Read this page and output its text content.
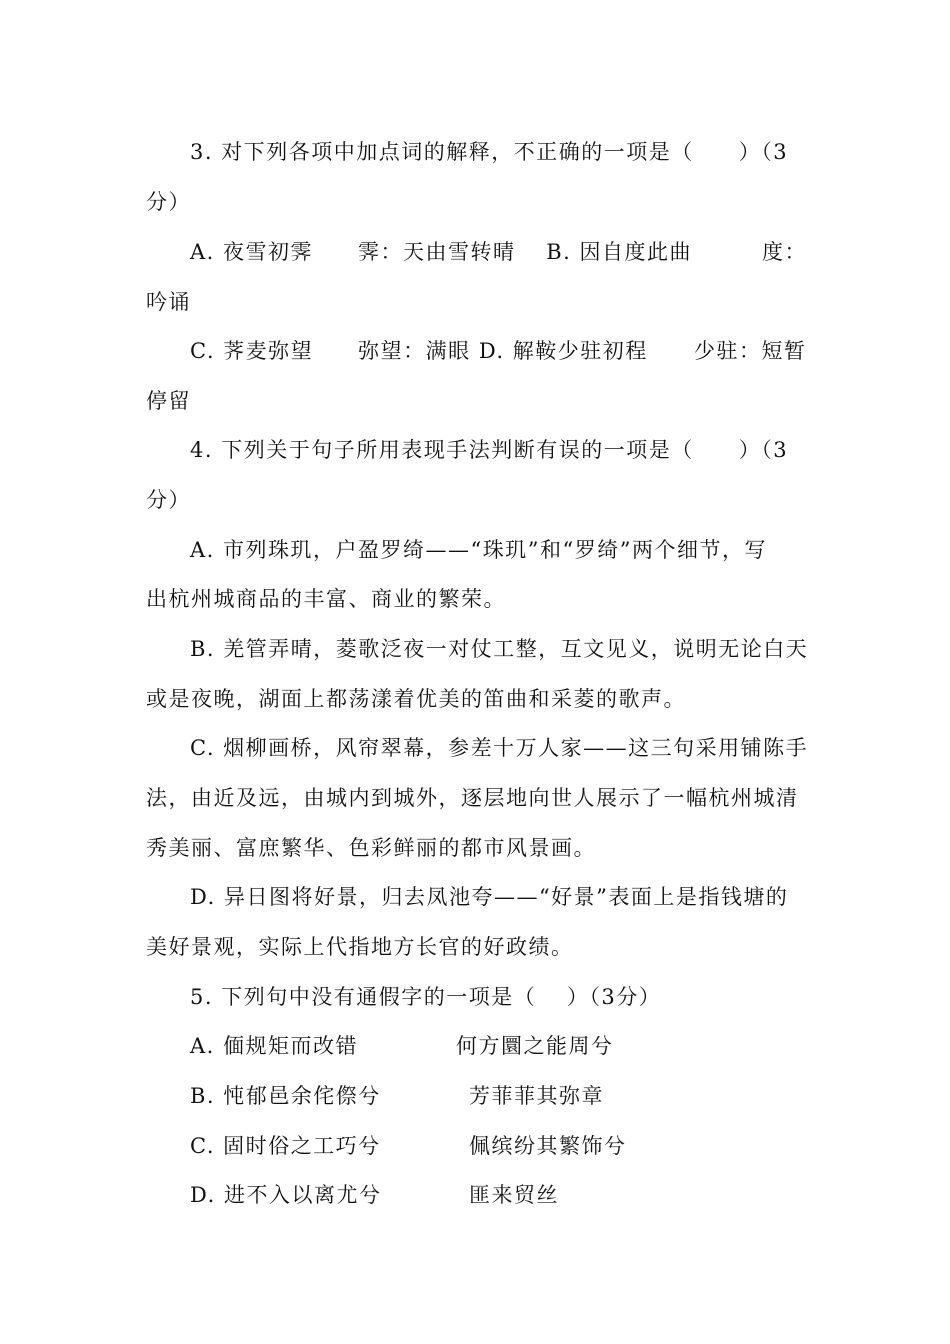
3. 对下列各项中加点词的解释，不正确的一项是（　　）（3
分）
A. 夜雪初霁　　霁：天由雪转晴　 B. 因自度此曲	度：
吟诵
C. 荠麦弥望　　弥望：满眼 D. 解鞍少驻初程 少驻：短暂
停留
4. 下列关于句子所用表现手法判断有误的一项是（　　）（3
分）
A. 市列珠玑，户盈罗绮——“珠玑”和“罗绮”两个细节，写
出杭州城商品的丰富、商业的繁荣。
B. 羌管弄晴，菱歌泛夜一对仗工整，互文见义，说明无论白天
或是夜晚，湖面上都荡漾着优美的笛曲和采菱的歌声。
C. 烟柳画桥，风帘翠幕，参差十万人家——这三句采用铺陈手
法，由近及远，由城内到城外，逐层地向世人展示了一幅杭州城清
秀美丽、富庶繁华、色彩鲜丽的都市风景画。
D. 异日图将好景，归去凤池夸——“好景”表面上是指钱塘的
美好景观，实际上代指地方长官的好政绩。
5. 下列句中没有通假字的一项是（　 ）（3分）
A. 偭规矩而改错	何方圜之能周兮
B. 忳郁邑余侘傺兮	芳菲菲其弥章
C. 固时俗之工巧兮	佩缤纷其繁饰兮
D. 进不入以离尤兮	匪来贸丝
